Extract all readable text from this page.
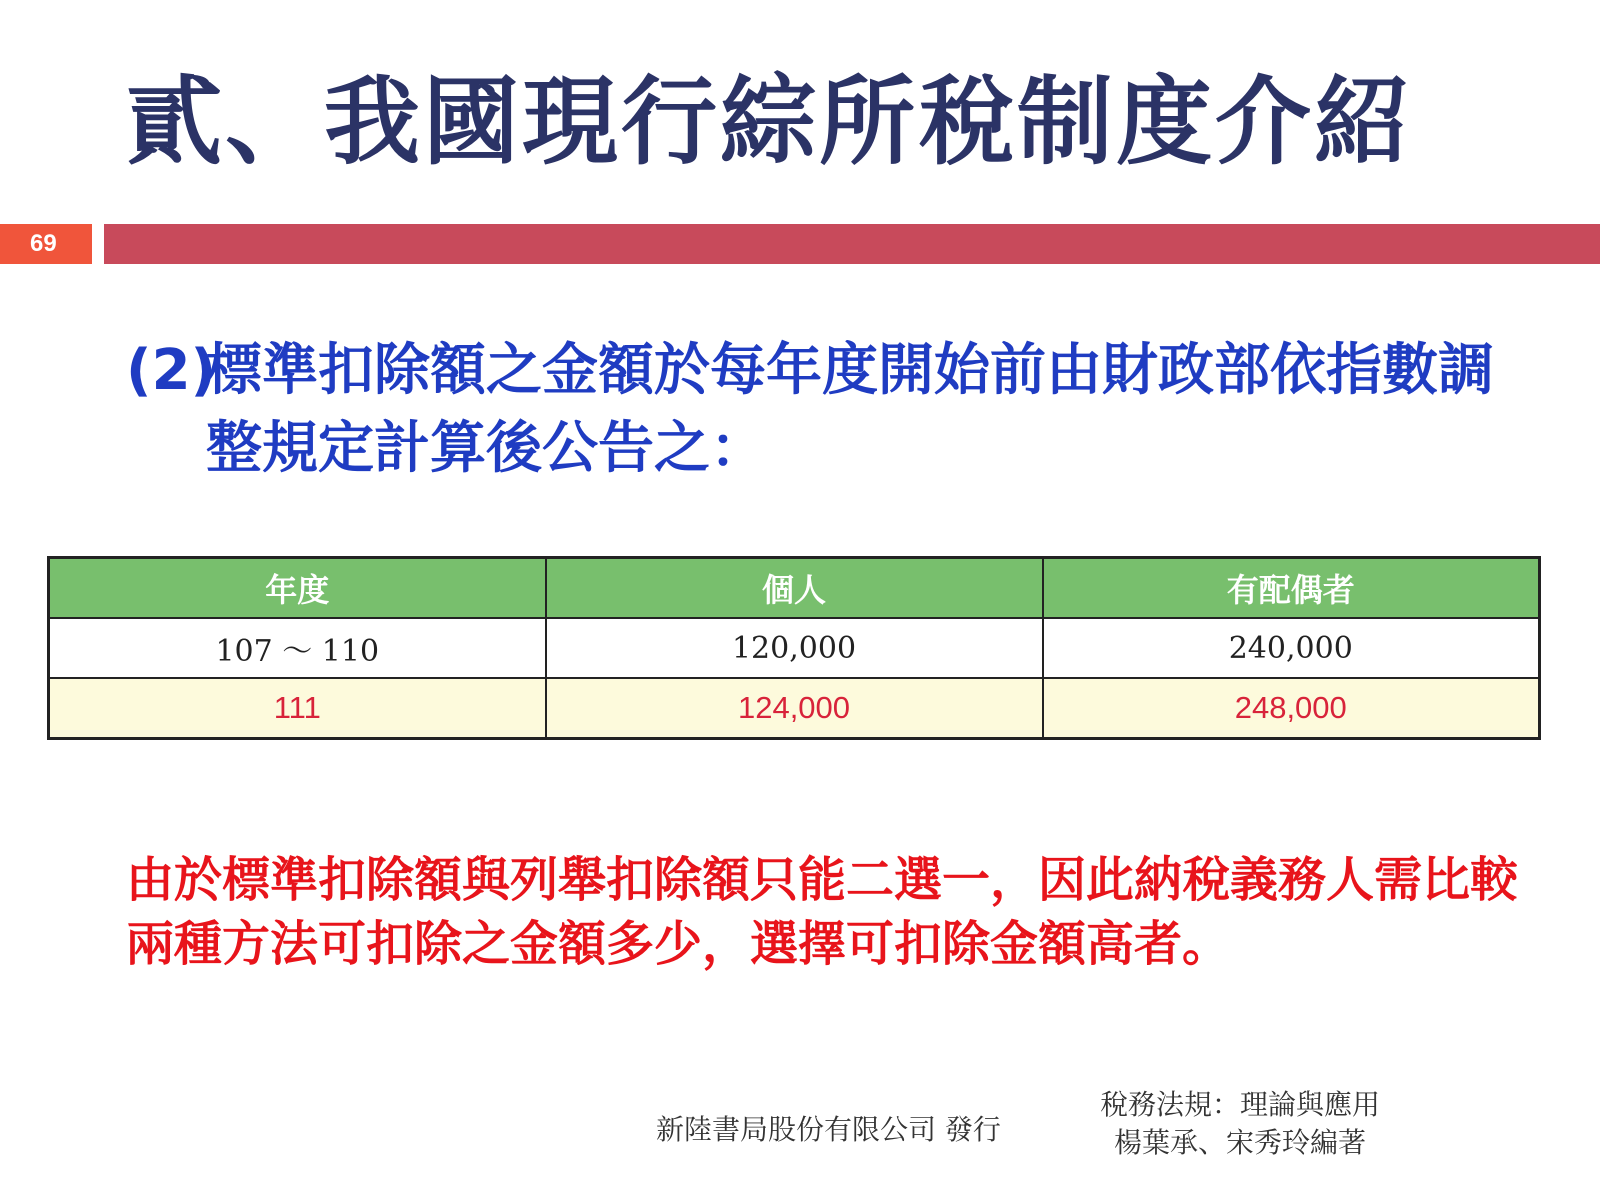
貳、我國現行綜所稅制度介紹
69
(2)
標準扣除額之金額於每年度開始前由財政部依指數調整規定計算後公告之：
年度	個人	有配偶者
107 ～ 110	120,000	240,000
111	124,000	248,000
由於標準扣除額與列舉扣除額只能二選一，因此納稅義務人需比較兩種方法可扣除之金額多少，選擇可扣除金額高者。
新陸書局股份有限公司 發行
稅務法規：理論與應用
楊葉承、宋秀玲編著
